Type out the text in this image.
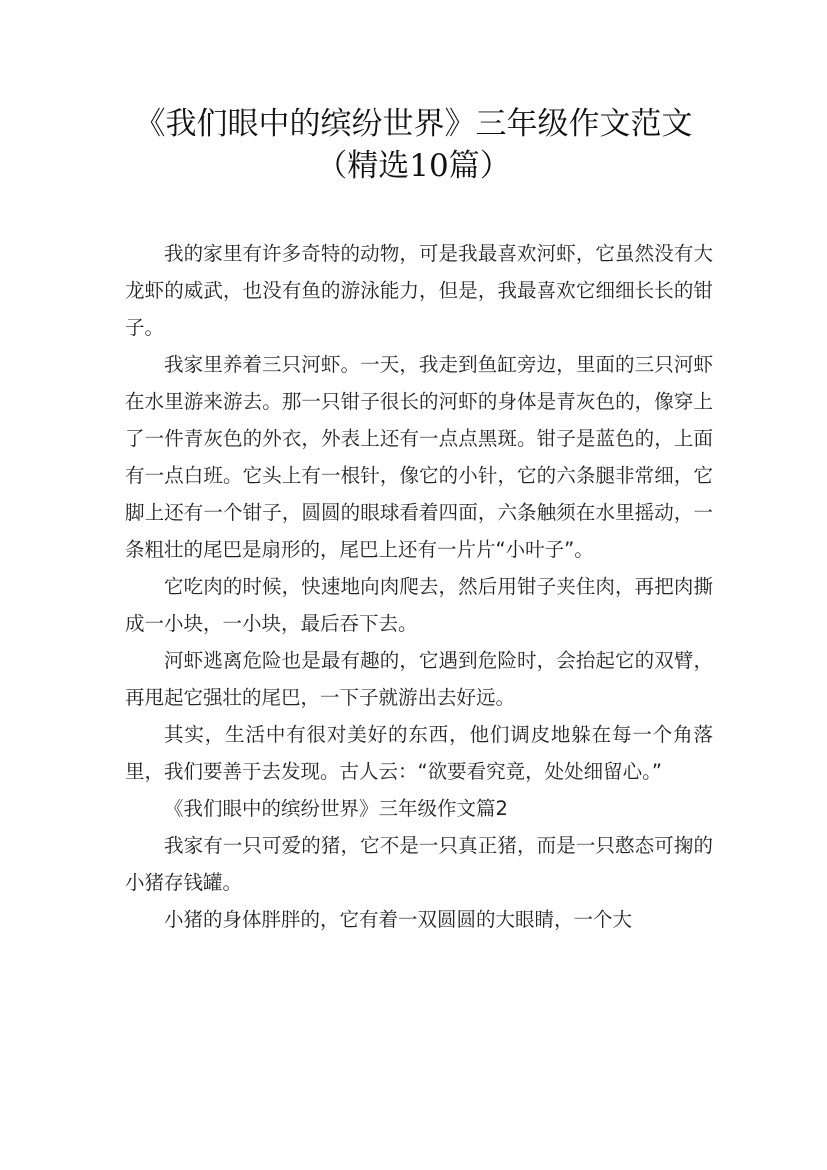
《我们眼中的缤纷世界》三年级作文范文
（精选10篇）

我的家里有许多奇特的动物，可是我最喜欢河虾，它虽然没有大龙虾的威武，也没有鱼的游泳能力，但是，我最喜欢它细细长长的钳子。

我家里养着三只河虾。一天，我走到鱼缸旁边，里面的三只河虾在水里游来游去。那一只钳子很长的河虾的身体是青灰色的，像穿上了一件青灰色的外衣，外表上还有一点点黑斑。钳子是蓝色的，上面有一点白班。它头上有一根针，像它的小针，它的六条腿非常细，它脚上还有一个钳子，圆圆的眼球看着四面，六条触须在水里摇动，一条粗壮的尾巴是扇形的，尾巴上还有一片片“小叶子”。

它吃肉的时候，快速地向肉爬去，然后用钳子夹住肉，再把肉撕成一小块，一小块，最后吞下去。

河虾逃离危险也是最有趣的，它遇到危险时，会抬起它的双臂，再甩起它强壮的尾巴，一下子就游出去好远。

其实，生活中有很对美好的东西，他们调皮地躲在每一个角落里，我们要善于去发现。古人云：“欲要看究竟，处处细留心。”

《我们眼中的缤纷世界》三年级作文篇2

我家有一只可爱的猪，它不是一只真正猪，而是一只憨态可掬的小猪存钱罐。

小猪的身体胖胖的，它有着一双圆圆的大眼睛，一个大
